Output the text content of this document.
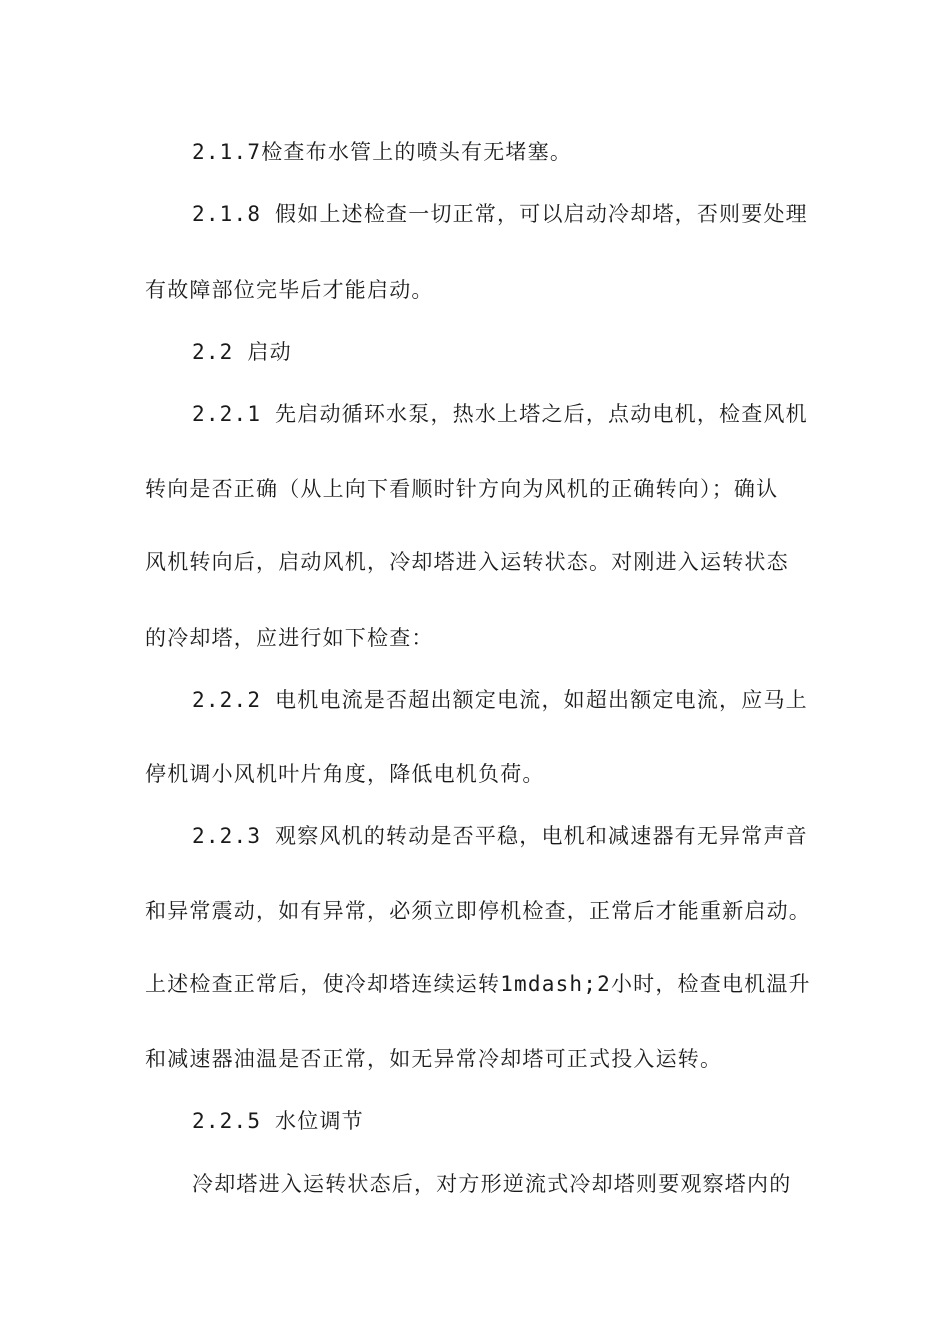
2.1.7检查布水管上的喷头有无堵塞。
2.1.8 假如上述检查一切正常，可以启动冷却塔，否则要处理
有故障部位完毕后才能启动。
2.2 启动
2.2.1 先启动循环水泵，热水上塔之后，点动电机，检查风机
转向是否正确（从上向下看顺时针方向为风机的正确转向）；确认
风机转向后，启动风机，冷却塔进入运转状态。对刚进入运转状态
的冷却塔，应进行如下检查：
2.2.2 电机电流是否超出额定电流，如超出额定电流，应马上
停机调小风机叶片角度，降低电机负荷。
2.2.3 观察风机的转动是否平稳，电机和减速器有无异常声音
和异常震动，如有异常，必须立即停机检查，正常后才能重新启动。
上述检查正常后，使冷却塔连续运转1mdash;2小时，检查电机温升
和减速器油温是否正常，如无异常冷却塔可正式投入运转。
2.2.5 水位调节
冷却塔进入运转状态后，对方形逆流式冷却塔则要观察塔内的
